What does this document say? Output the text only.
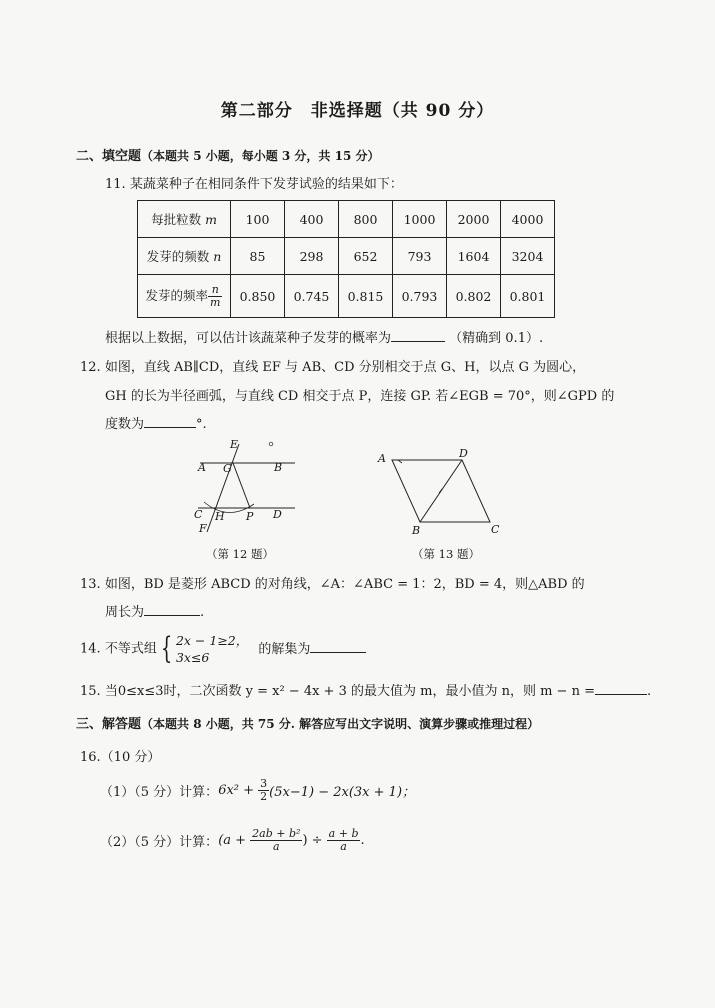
第二部分　非选择题（共 90 分）
二、填空题（本题共 5 小题，每小题 3 分，共 15 分）
11. 某蔬菜种子在相同条件下发芽试验的结果如下：
每批粒数 m	100	400	800	1000	2000	4000
发芽的频数 n	85	298	652	793	1604	3204
发芽的频率 $\frac{n}{m}$	0.850	0.745	0.815	0.793	0.802	0.801
根据以上数据，可以估计该蔬菜种子发芽的概率为	（精确到 0.1）.
12. 如图，直线 AB∥CD，直线 EF 与 AB、CD 分别相交于点 G、H，以点 G 为圆心，
GH 的长为半径画弧，与直线 CD 相交于点 P，连接 GP. 若∠EGB = 70°，则∠GPD 的
度数为	°.
E
A G	B
C H P D
F
（第 12 题）
A	D
B	C
（第 13 题）
13. 如图，BD 是菱形 ABCD 的对角线，∠A：∠ABC = 1：2，BD = 4，则△ABD 的
周长为	.
14. 不等式组 { 2x − 1≥2，
3x≤6
的解集为
15. 当0≤x≤3时，二次函数 y = x² − 4x + 3 的最大值为 m，最小值为 n，则 m − n =	.
三、解答题（本题共 8 小题，共 75 分. 解答应写出文字说明、演算步骤或推理过程）
16.（10 分）
（1）（5 分）计算：$6x^2 + \frac{3}{2} (5x-1) - 2x(3x + 1)$；
（2）（5 分）计算：($a + \frac{\text{2ab + b²}}{a}$ ) ÷ $\frac{a + b}{a}$ .
